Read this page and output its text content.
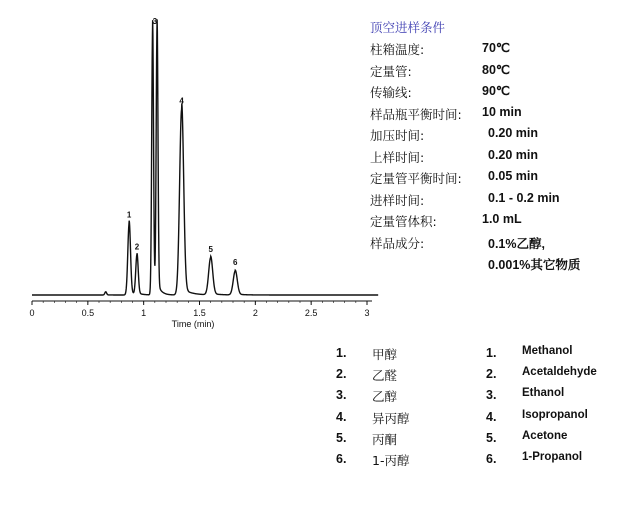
0	0.5	1	1.5	2	2.5	3
1
2
3
4
5
6
Time (min)
顶空进样条件
柱箱温度:	70℃
定量管:	80℃
传输线:	90℃
样品瓶平衡时间: 10 min
加压时间:	0.20 min
上样时间:	0.20 min
定量管平衡时间: 0.05 min
进样时间:	0.1 - 0.2 min
定量管体积:	1.0 mL
样品成分:	0.1%乙醇,
0.001%其它物质
1. 甲醇	1. Methanol
2. 乙醛	2. Acetaldehyde
3. 乙醇	3. Ethanol
4. 异丙醇	4. Isopropanol
5. 丙酮	5. Acetone
6. 1-丙醇	6. 1-Propanol
